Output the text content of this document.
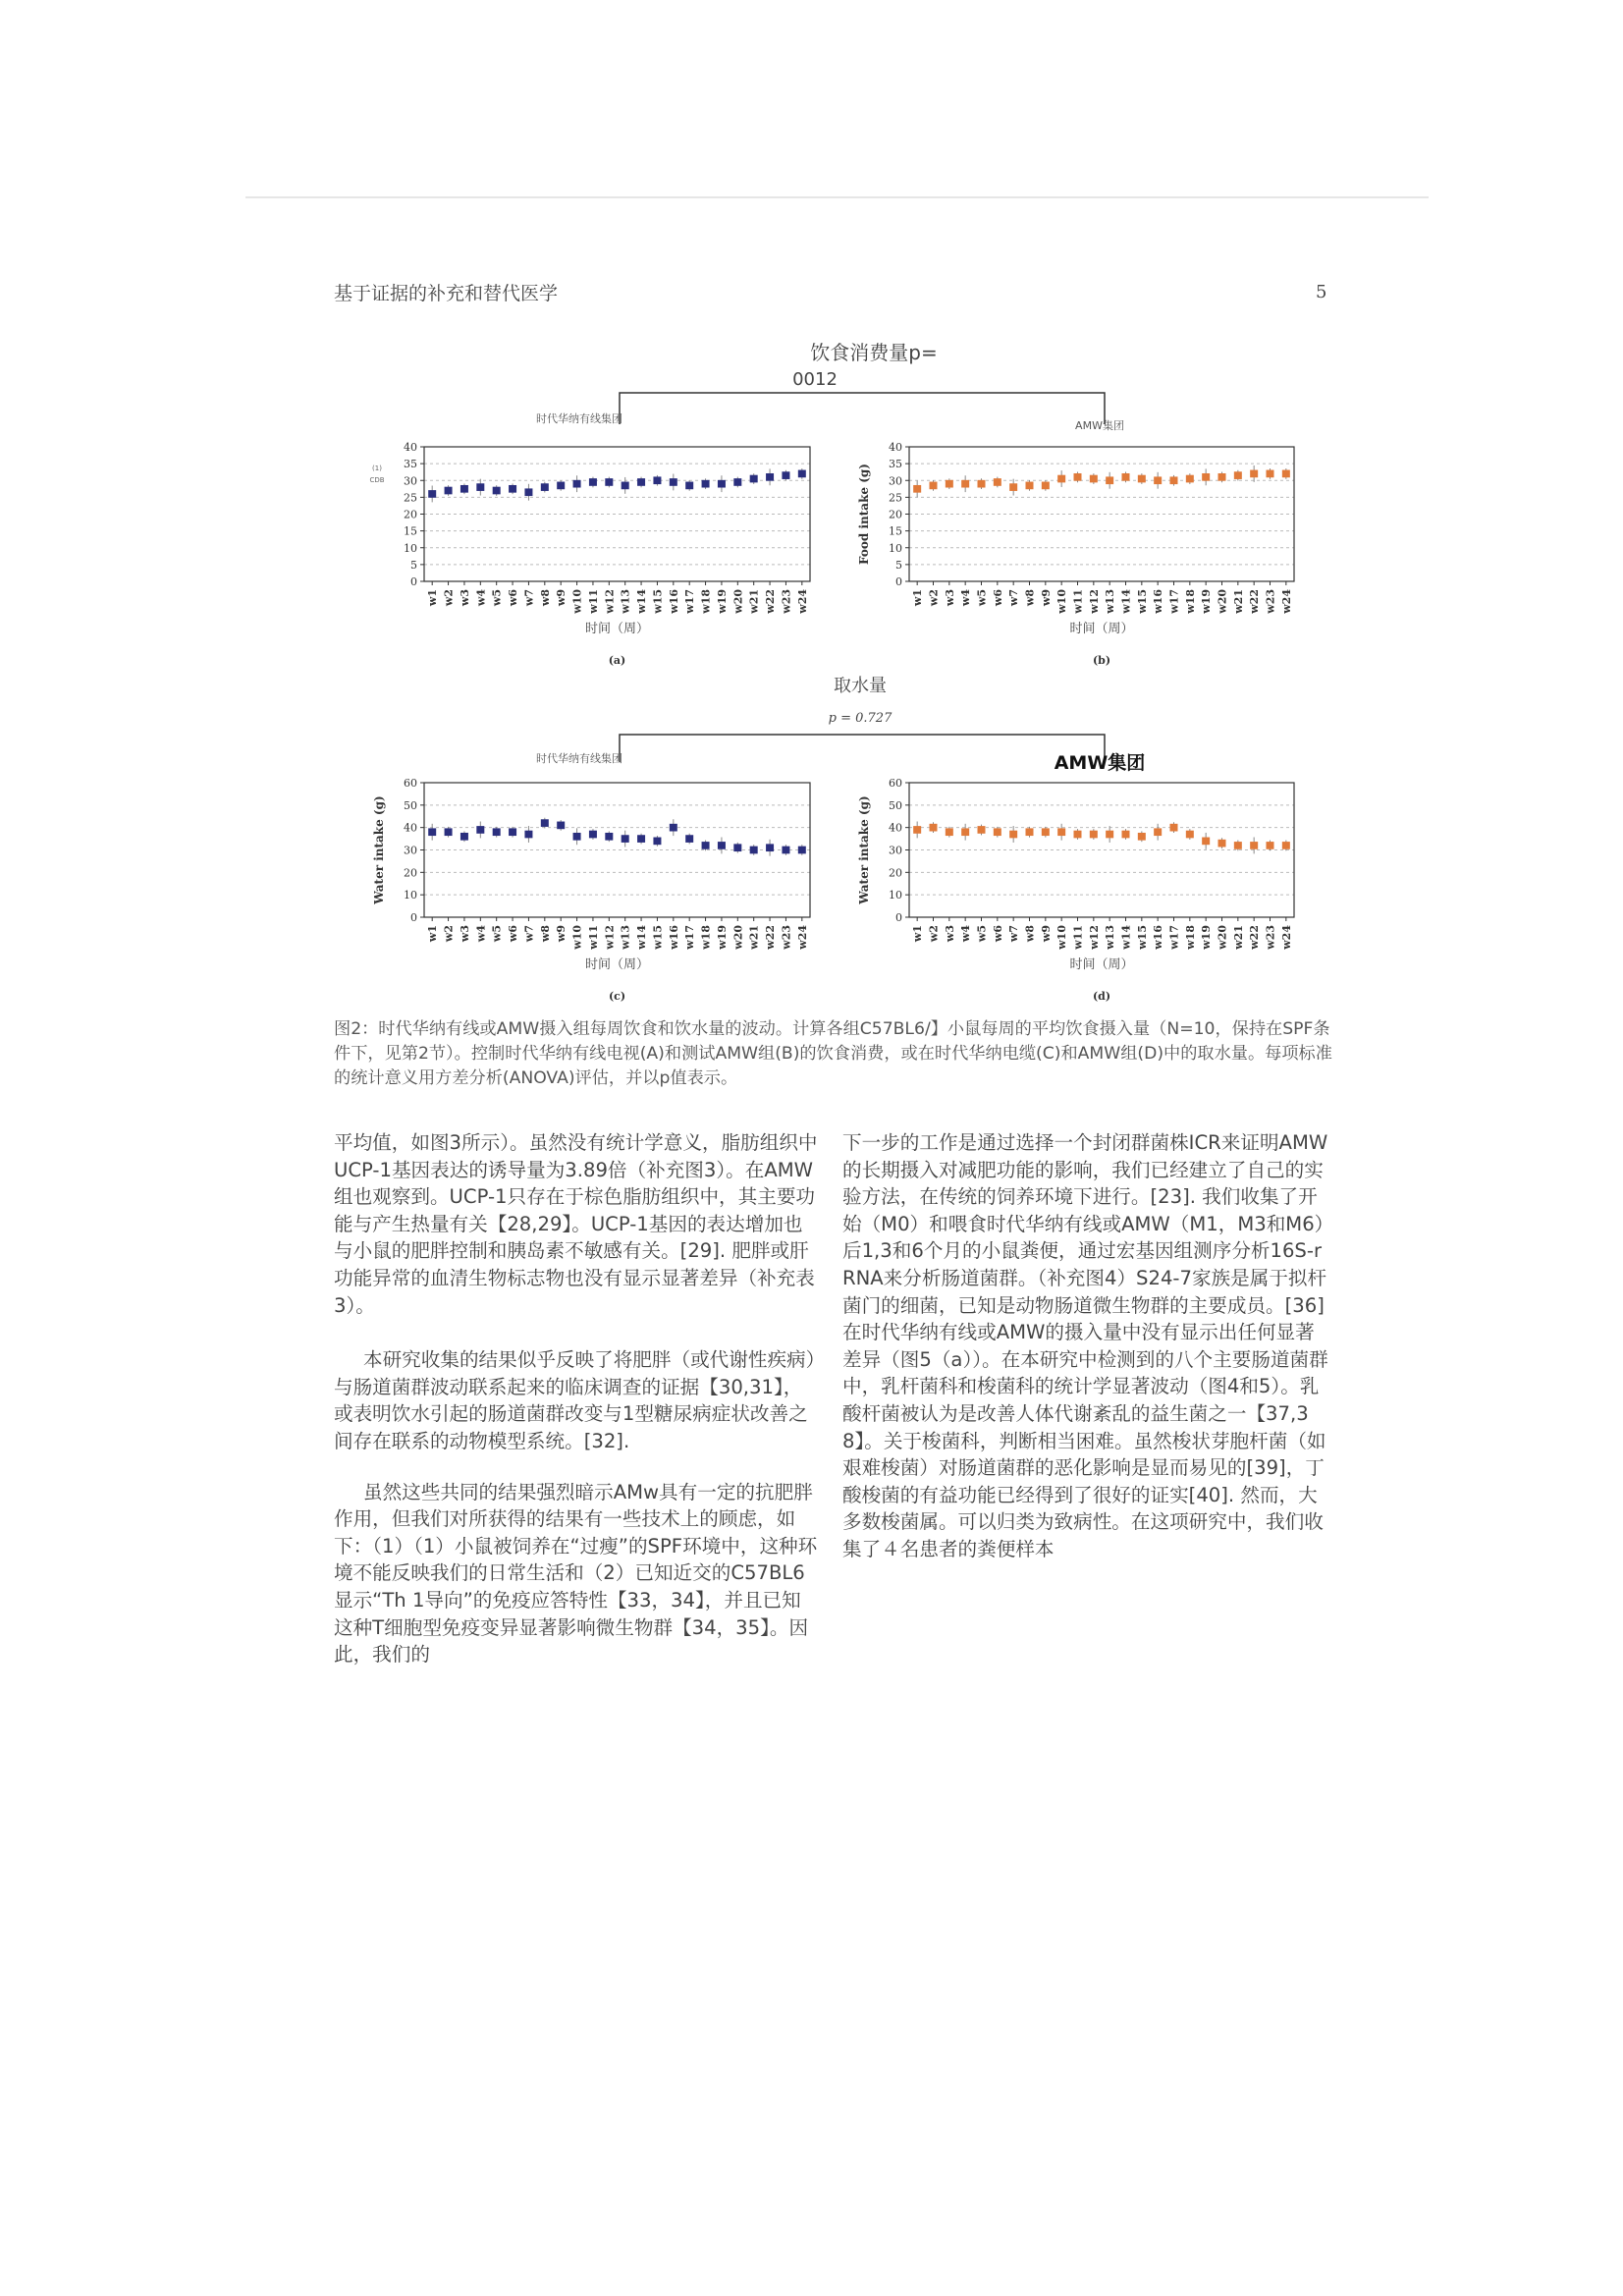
基于证据的补充和替代医学	5
饮食消费量p=
0012
取水量
p = 0.727
时代华纳有线集团
0
5
10
15
20
25
30
35
40
(1)
CDB
w1 w2 w3 w4 w5 w6 w7 w8 w9 w10 w11 w12 w13 w14 w15 w16 w17 w18 w19 w20 w21 w22 w23 w24
时间（周）
(a)
AMW集团
0
5
10
15
20
25
30
35
40
Food intake (g)
w1 w2 w3 w4 w5 w6 w7 w8 w9 w10 w11 w12 w13 w14 w15 w16 w17 w18 w19 w20 w21 w22 w23 w24
时间（周）
(b)
时代华纳有线集团
0
10
20
30
40
50
60
Water intake (g)
w1 w2 w3 w4 w5 w6 w7 w8 w9 w10 w11 w12 w13 w14 w15 w16 w17 w18 w19 w20 w21 w22 w23 w24
时间（周）
(c)
AMW集团
0
10
20
30
40
50
60
Water intake (g)
w1 w2 w3 w4 w5 w6 w7 w8 w9 w10 w11 w12 w13 w14 w15 w16 w17 w18 w19 w20 w21 w22 w23 w24
时间（周）
(d)
图2：时代华纳有线或AMW摄入组每周饮食和饮水量的波动。计算各组C57BL6/】小鼠每周的平均饮食摄入量（N=10，保持在SPF条件下，见第2节）。控制时代华纳有线电视(A)和测试AMW组(B)的饮食消费，或在时代华纳电缆(C)和AMW组(D)中的取水量。每项标准的统计意义用方差分析(ANOVA)评估，并以p值表示。

平均值，如图3所示）。虽然没有统计学意义，脂肪组织中UCP-1基因表达的诱导量为3.89倍（补充图3）。在AMW组也观察到。UCP-1只存在于棕色脂肪组织中，其主要功能与产生热量有关【28,29】。UCP-1基因的表达增加也与小鼠的肥胖控制和胰岛素不敏感有关。[29]. 肥胖或肝功能异常的血清生物标志物也没有显示显著差异（补充表3）。

本研究收集的结果似乎反映了将肥胖（或代谢性疾病）与肠道菌群波动联系起来的临床调查的证据【30,31】，或表明饮水引起的肠道菌群改变与1型糖尿病症状改善之间存在联系的动物模型系统。[32].

虽然这些共同的结果强烈暗示AMw具有一定的抗肥胖作用，但我们对所获得的结果有一些技术上的顾虑，如下：（1）（1）小鼠被饲养在“过瘦”的SPF环境中，这种环境不能反映我们的日常生活和（2）已知近交的C57BL6显示“Th 1导向”的免疫应答特性【33，34】，并且已知这种T细胞型免疫变异显著影响微生物群【34，35】。因此，我们的

下一步的工作是通过选择一个封闭群菌株ICR来证明AMW的长期摄入对减肥功能的影响，我们已经建立了自己的实验方法，在传统的饲养环境下进行。[23]. 我们收集了开始（M0）和喂食时代华纳有线或AMW（M1，M3和M6）后1,3和6个月的小鼠粪便，通过宏基因组测序分析16S-rRNA来分析肠道菌群。（补充图4）S24-7家族是属于拟杆菌门的细菌，已知是动物肠道微生物群的主要成员。[36]在时代华纳有线或AMW的摄入量中没有显示出任何显著差异（图5（a））。在本研究中检测到的八个主要肠道菌群中，乳杆菌科和梭菌科的统计学显著波动（图4和5）。乳酸杆菌被认为是改善人体代谢紊乱的益生菌之一【37,38】。关于梭菌科，判断相当困难。虽然梭状芽胞杆菌（如艰难梭菌）对肠道菌群的恶化影响是显而易见的[39]，丁酸梭菌的有益功能已经得到了很好的证实[40]. 然而，大多数梭菌属。可以归类为致病性。在这项研究中，我们收集了４名患者的粪便样本
